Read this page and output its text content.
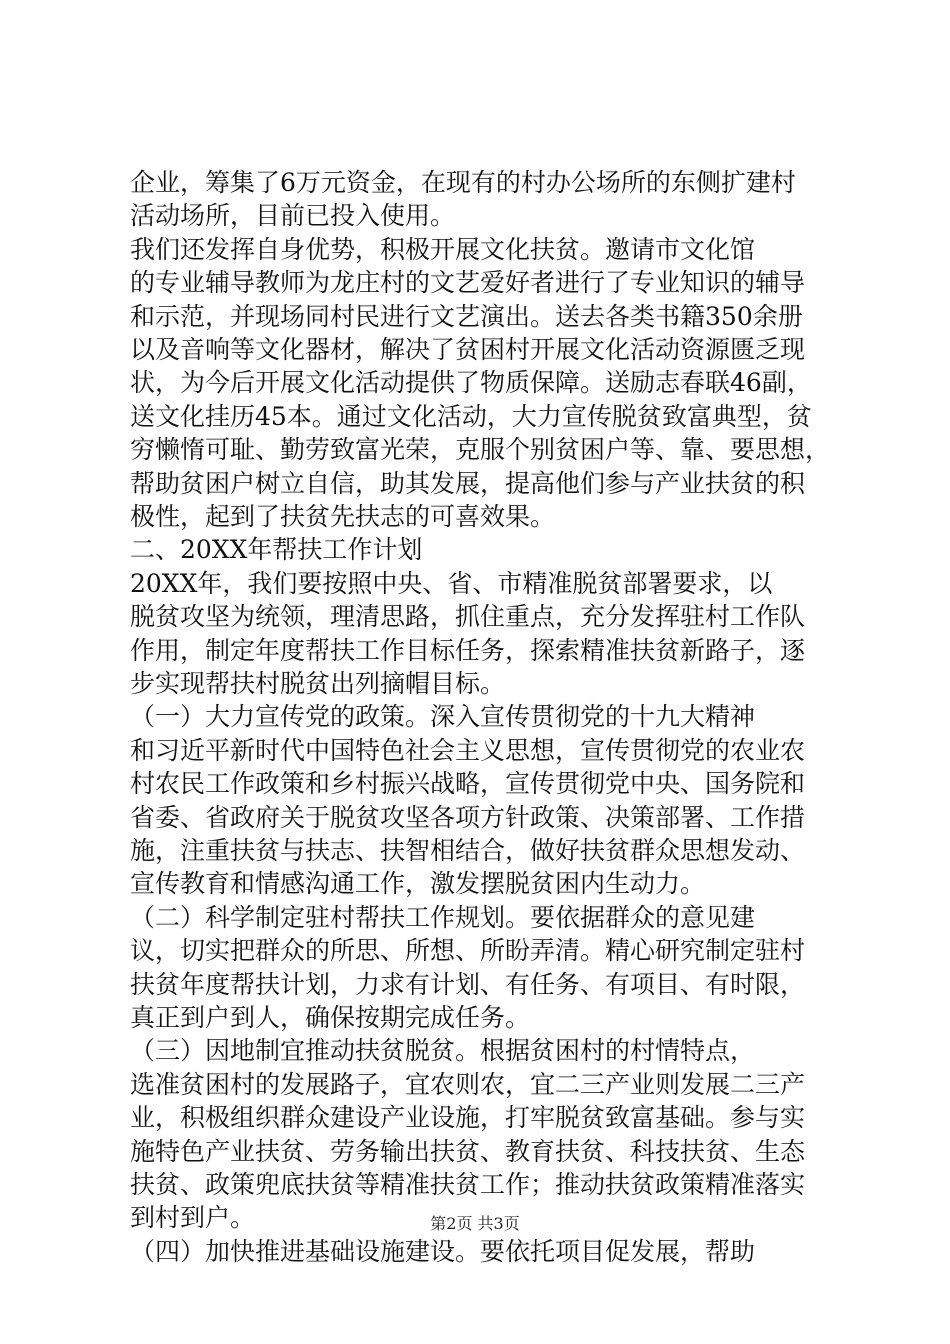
企业，筹集了6万元资金，在现有的村办公场所的东侧扩建村
活动场所，目前已投入使用。
我们还发挥自身优势，积极开展文化扶贫。邀请市文化馆
的专业辅导教师为龙庄村的文艺爱好者进行了专业知识的辅导
和示范，并现场同村民进行文艺演出。送去各类书籍350余册
以及音响等文化器材，解决了贫困村开展文化活动资源匮乏现
状，为今后开展文化活动提供了物质保障。送励志春联46副，
送文化挂历45本。通过文化活动，大力宣传脱贫致富典型，贫
穷懒惰可耻、勤劳致富光荣，克服个别贫困户等、靠、要思想，
帮助贫困户树立自信，助其发展，提高他们参与产业扶贫的积
极性，起到了扶贫先扶志的可喜效果。
二、20XX年帮扶工作计划
20XX年，我们要按照中央、省、市精准脱贫部署要求，以
脱贫攻坚为统领，理清思路，抓住重点，充分发挥驻村工作队
作用，制定年度帮扶工作目标任务，探索精准扶贫新路子，逐
步实现帮扶村脱贫出列摘帽目标。
（一）大力宣传党的政策。深入宣传贯彻党的十九大精神
和习近平新时代中国特色社会主义思想，宣传贯彻党的农业农
村农民工作政策和乡村振兴战略，宣传贯彻党中央、国务院和
省委、省政府关于脱贫攻坚各项方针政策、决策部署、工作措
施，注重扶贫与扶志、扶智相结合，做好扶贫群众思想发动、
宣传教育和情感沟通工作，激发摆脱贫困内生动力。
（二）科学制定驻村帮扶工作规划。要依据群众的意见建
议，切实把群众的所思、所想、所盼弄清。精心研究制定驻村
扶贫年度帮扶计划，力求有计划、有任务、有项目、有时限，
真正到户到人，确保按期完成任务。
（三）因地制宜推动扶贫脱贫。根据贫困村的村情特点，
选准贫困村的发展路子，宜农则农，宜二三产业则发展二三产
业，积极组织群众建设产业设施，打牢脱贫致富基础。参与实
施特色产业扶贫、劳务输出扶贫、教育扶贫、科技扶贫、生态
扶贫、政策兜底扶贫等精准扶贫工作；推动扶贫政策精准落实
到村到户。
（四）加快推进基础设施建设。要依托项目促发展，帮助
第2页 共3页
